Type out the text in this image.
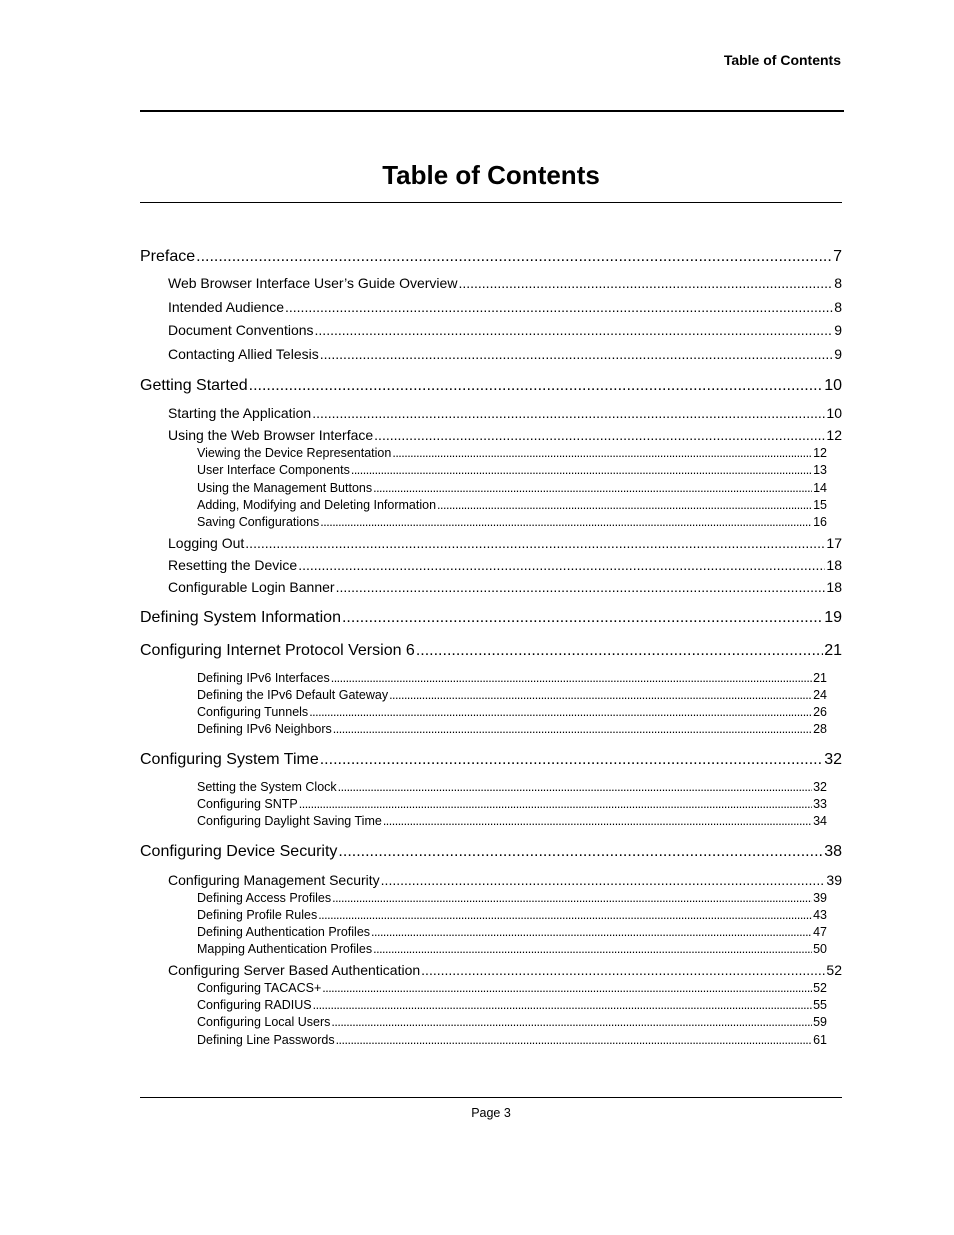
Table of Contents
Table of Contents
Preface .....	7
Web Browser Interface User’s Guide Overview .....	8
Intended Audience .....	8
Document Conventions .....	9
Contacting Allied Telesis .....	9
Getting Started .....	10
Starting the Application .....	10
Using the Web Browser Interface .....	12
Viewing the Device Representation .....	12
User Interface Components .....	13
Using the Management Buttons .....	14
Adding, Modifying and Deleting Information .....	15
Saving Configurations .....	16
Logging Out .....	17
Resetting the Device .....	18
Configurable Login Banner .....	18
Defining System Information .....	19
Configuring Internet Protocol Version 6 .....	21
Defining IPv6 Interfaces .....	21
Defining the IPv6 Default Gateway .....	24
Configuring Tunnels .....	26
Defining IPv6 Neighbors .....	28
Configuring System Time .....	32
Setting the System Clock .....	32
Configuring SNTP .....	33
Configuring Daylight Saving Time .....	34
Configuring Device Security .....	38
Configuring Management Security .....	39
Defining Access Profiles .....	39
Defining Profile Rules .....	43
Defining Authentication Profiles .....	47
Mapping Authentication Profiles .....	50
Configuring Server Based Authentication .....	52
Configuring TACACS+ .....	52
Configuring RADIUS .....	55
Configuring Local Users .....	59
Defining Line Passwords .....	61
Page 3
